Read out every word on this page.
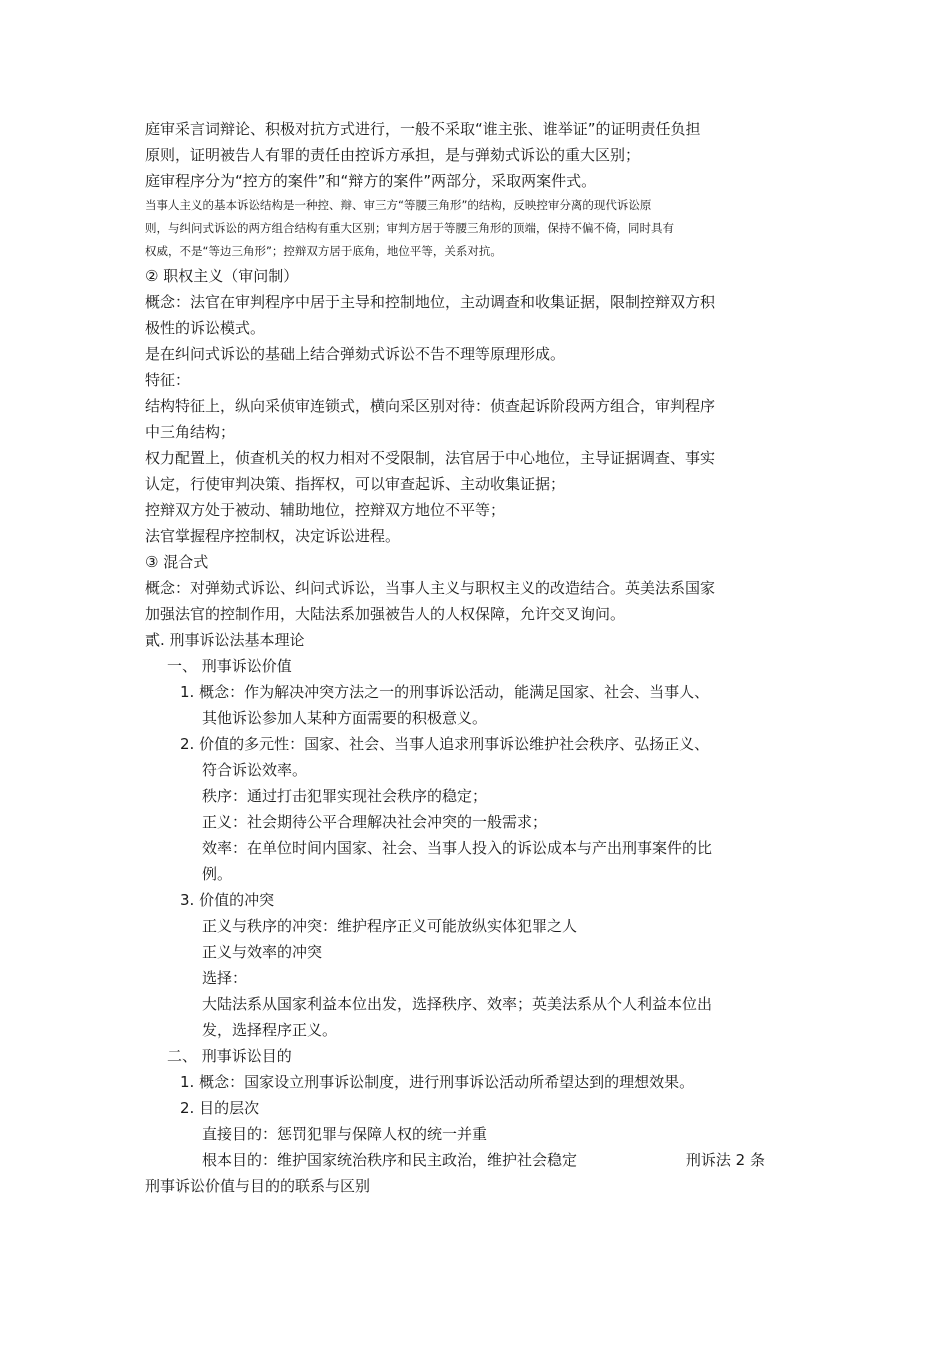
庭审采言词辩论、积极对抗方式进行，一般不采取“谁主张、谁举证”的证明责任负担

原则，证明被告人有罪的责任由控诉方承担，是与弹劾式诉讼的重大区别；

庭审程序分为“控方的案件”和“辩方的案件”两部分，采取两案件式。

当事人主义的基本诉讼结构是一种控、辩、审三方“等腰三角形”的结构，反映控审分离的现代诉讼原

则，与纠问式诉讼的两方组合结构有重大区别；审判方居于等腰三角形的顶端，保持不偏不倚，同时具有

权威，不是“等边三角形”；控辩双方居于底角，地位平等，关系对抗。

② 职权主义（审问制）

概念：法官在审判程序中居于主导和控制地位，主动调查和收集证据，限制控辩双方积

极性的诉讼模式。

是在纠问式诉讼的基础上结合弹劾式诉讼不告不理等原理形成。

特征：

结构特征上，纵向采侦审连锁式，横向采区别对待：侦查起诉阶段两方组合，审判程序

中三角结构；

权力配置上，侦查机关的权力相对不受限制，法官居于中心地位，主导证据调查、事实

认定，行使审判决策、指挥权，可以审查起诉、主动收集证据；

控辩双方处于被动、辅助地位，控辩双方地位不平等；

法官掌握程序控制权，决定诉讼进程。

③ 混合式

概念：对弹劾式诉讼、纠问式诉讼，当事人主义与职权主义的改造结合。英美法系国家

加强法官的控制作用，大陆法系加强被告人的人权保障，允许交叉询问。

貳. 刑事诉讼法基本理论

一、 刑事诉讼价值

1. 概念：作为解决冲突方法之一的刑事诉讼活动，能满足国家、社会、当事人、

其他诉讼参加人某种方面需要的积极意义。

2. 价值的多元性：国家、社会、当事人追求刑事诉讼维护社会秩序、弘扬正义、

符合诉讼效率。

秩序：通过打击犯罪实现社会秩序的稳定；

正义：社会期待公平合理解决社会冲突的一般需求；

效率：在单位时间内国家、社会、当事人投入的诉讼成本与产出刑事案件的比

例。

3. 价值的冲突

正义与秩序的冲突：维护程序正义可能放纵实体犯罪之人

正义与效率的冲突

选择：

大陆法系从国家利益本位出发，选择秩序、效率；英美法系从个人利益本位出

发，选择程序正义。

二、 刑事诉讼目的

1. 概念：国家设立刑事诉讼制度，进行刑事诉讼活动所希望达到的理想效果。

2. 目的层次

直接目的：惩罚犯罪与保障人权的统一并重

根本目的：维护国家统治秩序和民主政治，维护社会稳定	刑诉法 2 条

刑事诉讼价值与目的的联系与区别
